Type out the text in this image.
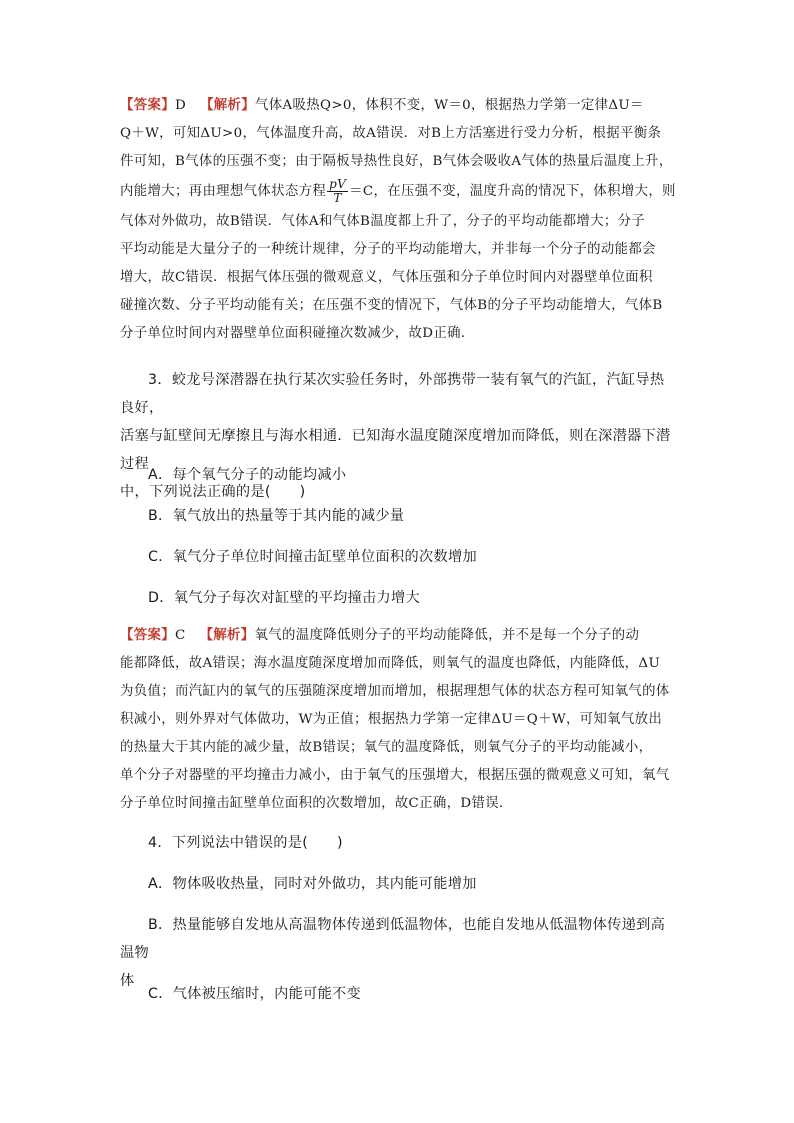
【答案】D 【解析】气体A吸热Q>0，体积不变，W＝0，根据热力学第一定律ΔU＝
Q＋W，可知ΔU>0，气体温度升高，故A错误．对B上方活塞进行受力分析，根据平衡条
件可知，B气体的压强不变；由于隔板导热性良好，B气体会吸收A气体的热量后温度上升，
内能增大；再由理想气体状态方程 $\frac{pV}{T} =C$，在压强不变，温度升高的情况下，体积增大，则
气体对外做功，故B错误．气体A和气体B温度都上升了，分子的平均动能都增大；分子
平均动能是大量分子的一种统计规律，分子的平均动能增大，并非每一个分子的动能都会
增大，故C错误．根据气体压强的微观意义，气体压强和分子单位时间内对器壁单位面积
碰撞次数、分子平均动能有关；在压强不变的情况下，气体B的分子平均动能增大，气体B
分子单位时间内对器壁单位面积碰撞次数减少，故D正确．
3．蛟龙号深潜器在执行某次实验任务时，外部携带一装有氧气的汽缸，汽缸导热良好，
活塞与缸壁间无摩擦且与海水相通．已知海水温度随深度增加而降低，则在深潜器下潜过程
中，下列说法正确的是(　　)
A．每个氧气分子的动能均减小
B．氧气放出的热量等于其内能的减少量
C．氧气分子单位时间撞击缸壁单位面积的次数增加
D．氧气分子每次对缸壁的平均撞击力增大
【答案】C 【解析】氧气的温度降低则分子的平均动能降低，并不是每一个分子的动
能都降低，故A错误；海水温度随深度增加而降低，则氧气的温度也降低，内能降低，ΔU
为负值；而汽缸内的氧气的压强随深度增加而增加，根据理想气体的状态方程可知氧气的体
积减小，则外界对气体做功，W为正值；根据热力学第一定律ΔU＝Q＋W，可知氧气放出
的热量大于其内能的减少量，故B错误；氧气的温度降低，则氧气分子的平均动能减小，
单个分子对器壁的平均撞击力减小，由于氧气的压强增大，根据压强的微观意义可知，氧气
分子单位时间撞击缸壁单位面积的次数增加，故C正确，D错误．
4．下列说法中错误的是(　　)
A．物体吸收热量，同时对外做功，其内能可能增加
B．热量能够自发地从高温物体传递到低温物体，也能自发地从低温物体传递到高温物
体
C．气体被压缩时，内能可能不变
